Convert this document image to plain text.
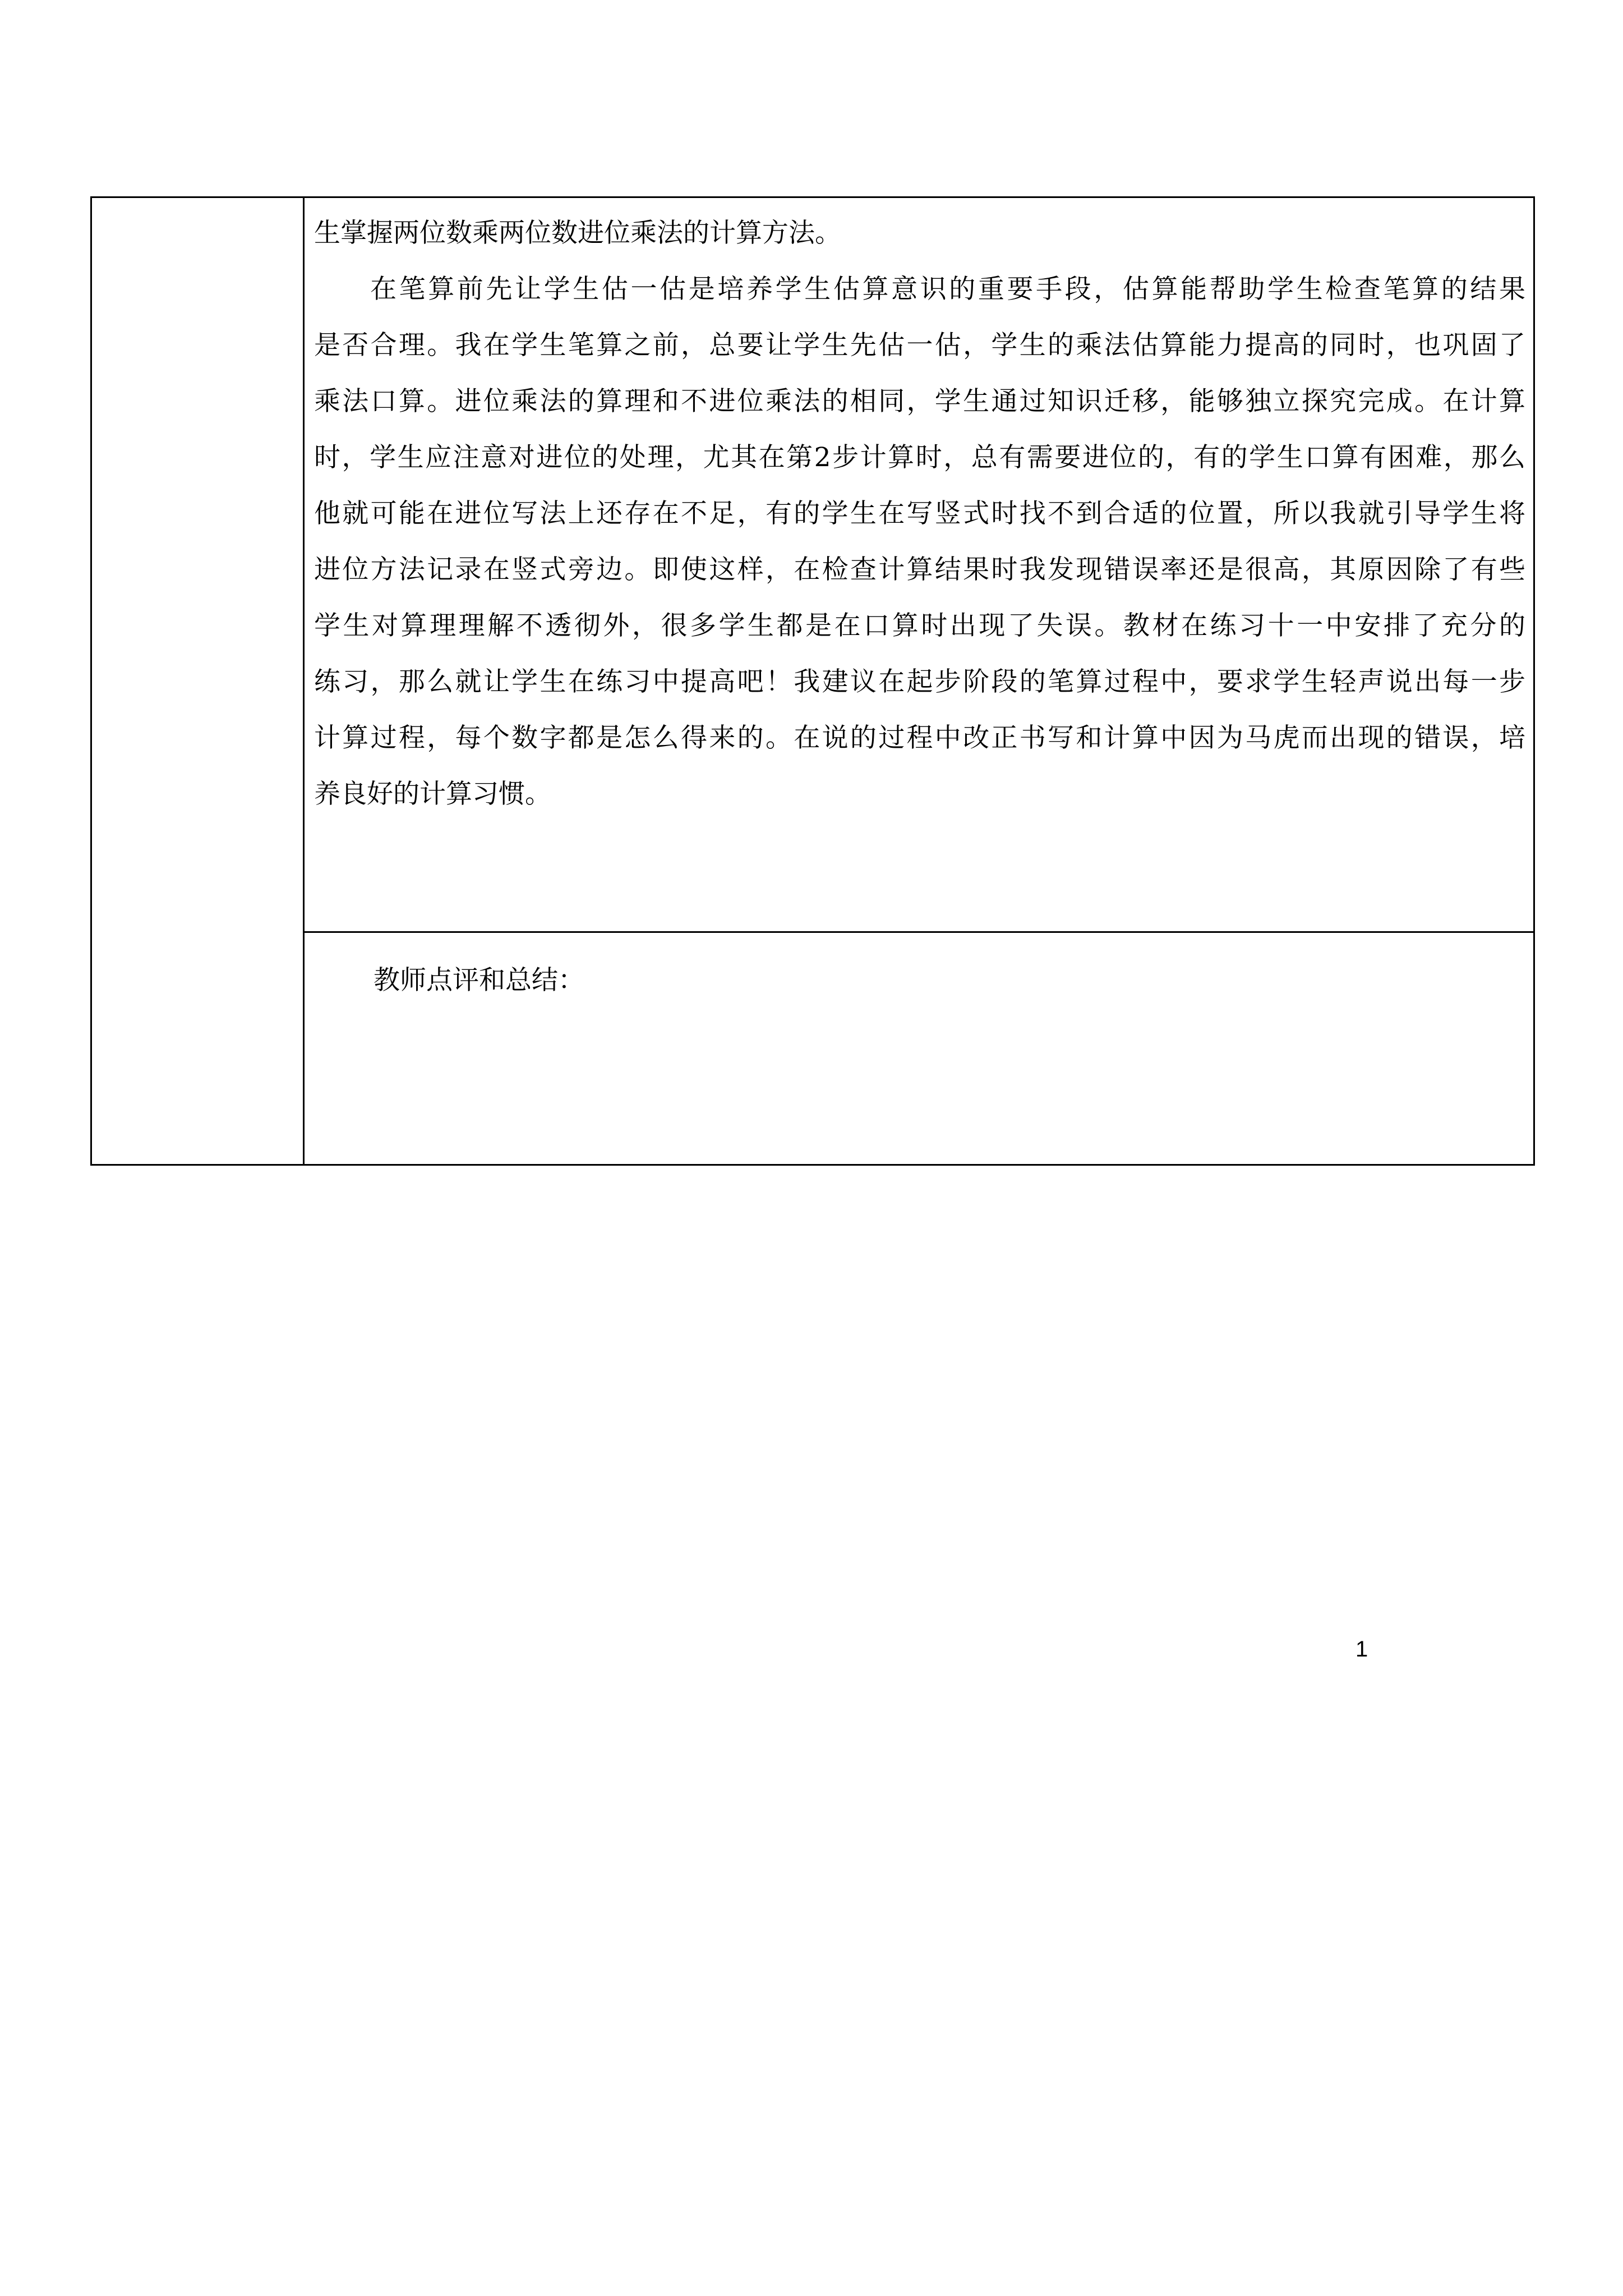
生掌握两位数乘两位数进位乘法的计算方法。
在笔算前先让学生估一估是培养学生估算意识的重要手段，估算能帮助学生检查笔算的结果
是否合理。我在学生笔算之前，总要让学生先估一估，学生的乘法估算能力提高的同时，也巩固了
乘法口算。进位乘法的算理和不进位乘法的相同，学生通过知识迁移，能够独立探究完成。在计算
时，学生应注意对进位的处理，尤其在第2步计算时，总有需要进位的，有的学生口算有困难，那么
他就可能在进位写法上还存在不足，有的学生在写竖式时找不到合适的位置，所以我就引导学生将
进位方法记录在竖式旁边。即使这样，在检查计算结果时我发现错误率还是很高，其原因除了有些
学生对算理理解不透彻外，很多学生都是在口算时出现了失误。教材在练习十一中安排了充分的
练习，那么就让学生在练习中提高吧！我建议在起步阶段的笔算过程中，要求学生轻声说出每一步
计算过程，每个数字都是怎么得来的。在说的过程中改正书写和计算中因为马虎而出现的错误，培
养良好的计算习惯。
教师点评和总结：
1
